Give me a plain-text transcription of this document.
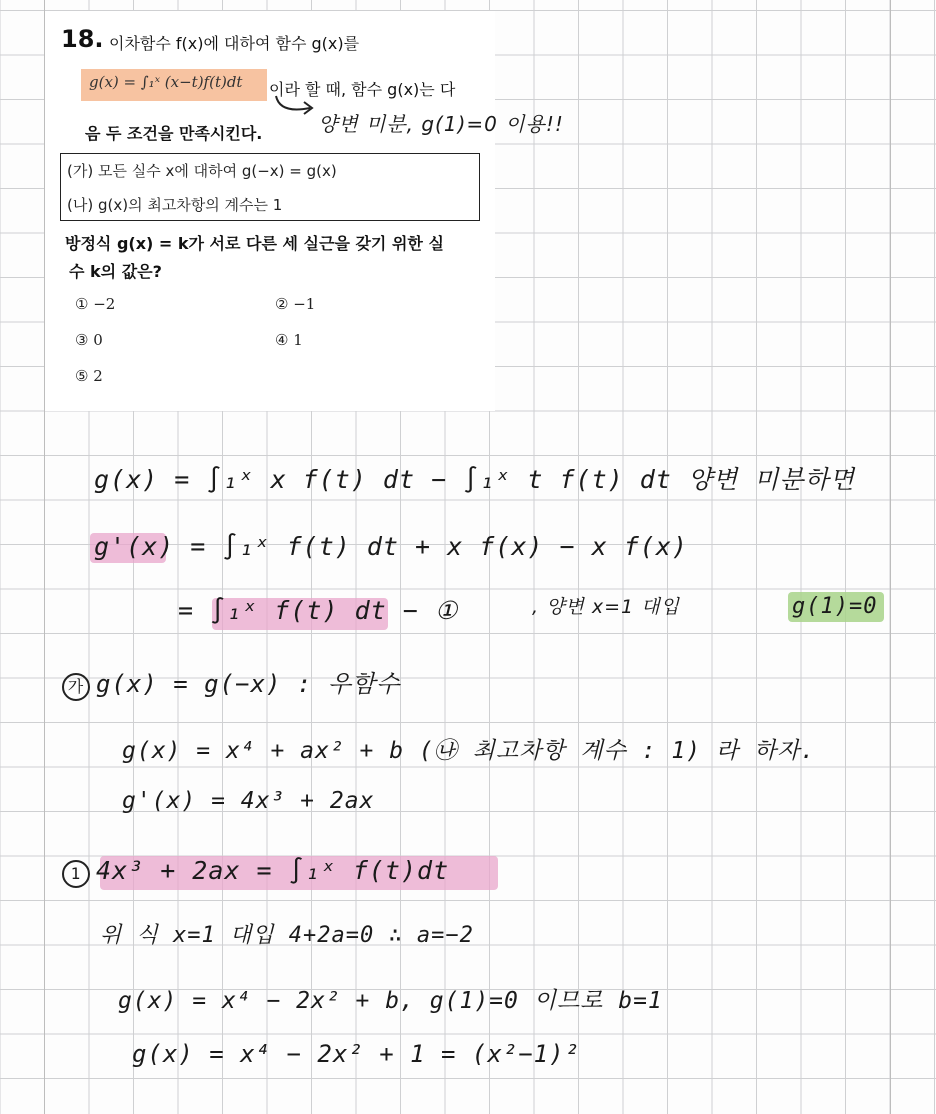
18. 이차함수 f(x)에 대하여 함수 g(x)를
g(x) = ∫₁ˣ (x−t)f(t)dt 이라 할 때, 함수 g(x)는 다
음 두 조건을 만족시킨다.
(가) 모든 실수 x에 대하여 g(−x) = g(x)
(나) g(x)의 최고차항의 계수는 1
방정식 g(x) = k가 서로 다른 세 실근을 갖기 위한 실
수 k의 값은?
① −2	② −1
③ 0	④ 1
⑤ 2
양변 미분, g(1)=0 이용!!
g(x) = ∫₁ˣ x f(t) dt − ∫₁ˣ t f(t) dt 양변 미분하면
g'(x) = ∫₁ˣ f(t) dt + x f(x) − x f(x)
= ∫₁ˣ f(t) dt − ①	, 양변 x=1 대입	g(1)=0
가 g(x) = g(−x) : 우함수
g(x) = x⁴ + ax² + b (㉯ 최고차항 계수 : 1) 라 하자.
g'(x) = 4x³ + 2ax
1 4x³ + 2ax = ∫₁ˣ f(t)dt
위 식 x=1 대입 4+2a=0 ∴ a=−2
g(x) = x⁴ − 2x² + b, g(1)=0 이므로 b=1
g(x) = x⁴ − 2x² + 1 = (x²−1)²
